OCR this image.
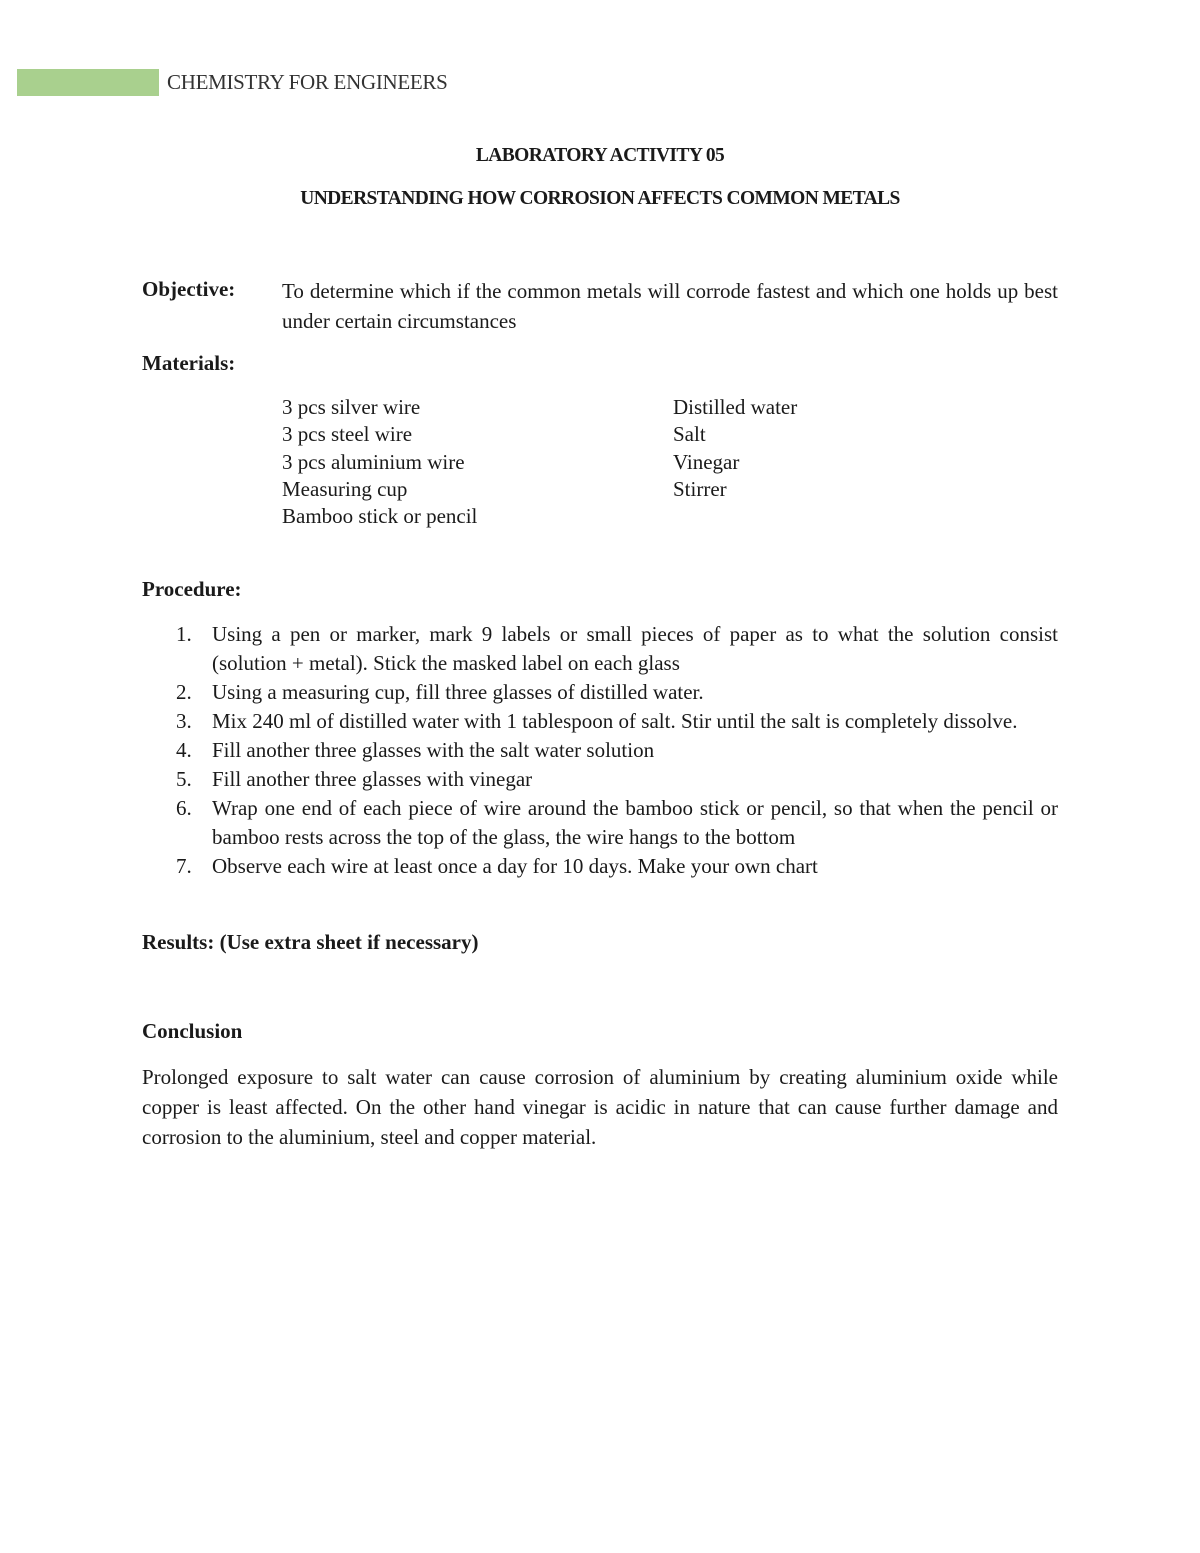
CHEMISTRY FOR ENGINEERS
LABORATORY ACTIVITY 05
UNDERSTANDING HOW CORROSION AFFECTS COMMON METALS
Objective: To determine which if the common metals will corrode fastest and which one holds up best under certain circumstances
Materials:
3 pcs silver wire
3 pcs steel wire
3 pcs aluminium wire
Measuring cup
Bamboo stick or pencil
Distilled water
Salt
Vinegar
Stirrer
Procedure:
1. Using a pen or marker, mark 9 labels or small pieces of paper as to what the solution consist (solution + metal). Stick the masked label on each glass
2. Using a measuring cup, fill three glasses of distilled water.
3. Mix 240 ml of distilled water with 1 tablespoon of salt. Stir until the salt is completely dissolve.
4. Fill another three glasses with the salt water solution
5. Fill another three glasses with vinegar
6. Wrap one end of each piece of wire around the bamboo stick or pencil, so that when the pencil or bamboo rests across the top of the glass, the wire hangs to the bottom
7. Observe each wire at least once a day for 10 days. Make your own chart
Results: (Use extra sheet if necessary)
Conclusion
Prolonged exposure to salt water can cause corrosion of aluminium by creating aluminium oxide while copper is least affected. On the other hand vinegar is acidic in nature that can cause further damage and corrosion to the aluminium, steel and copper material.
